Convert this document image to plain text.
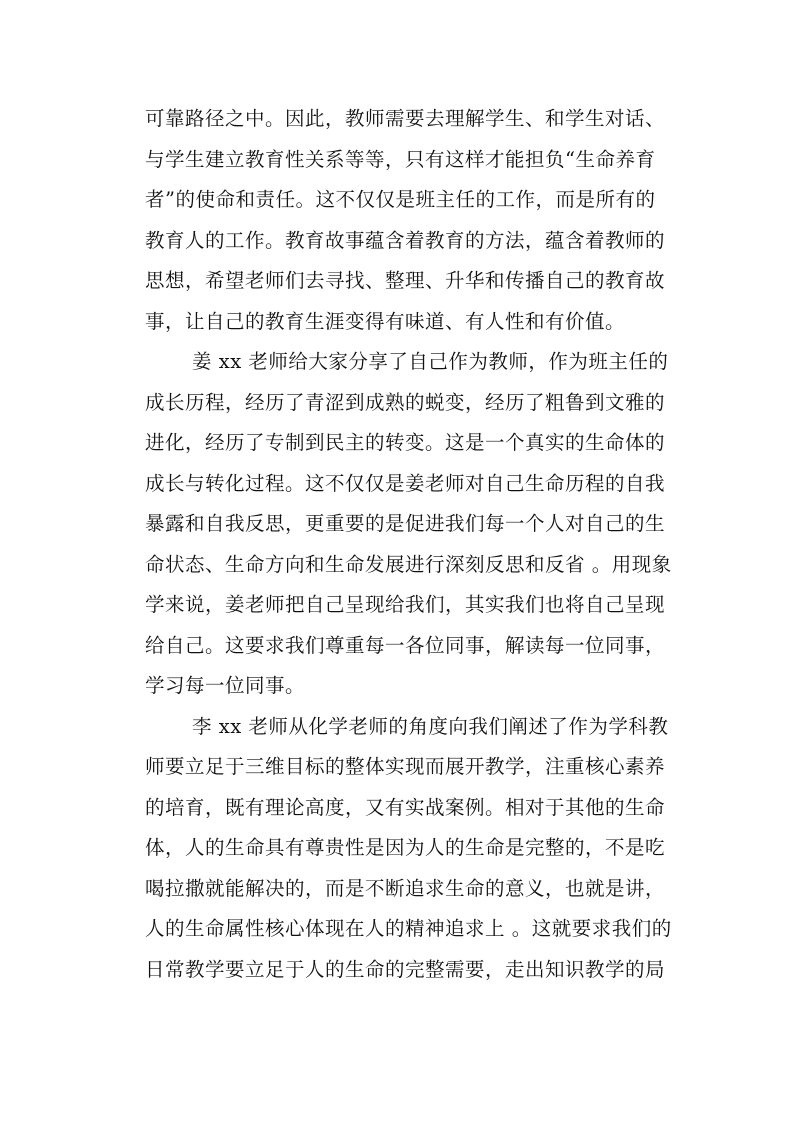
可靠路径之中。因此，教师需要去理解学生、和学生对话、
与学生建立教育性关系等等，只有这样才能担负“生命养育
者”的使命和责任。这不仅仅是班主任的工作，而是所有的
教育人的工作。教育故事蕴含着教育的方法，蕴含着教师的
思想，希望老师们去寻找、整理、升华和传播自己的教育故
事，让自己的教育生涯变得有味道、有人性和有价值。
姜 xx 老师给大家分享了自己作为教师，作为班主任的
成长历程，经历了青涩到成熟的蜕变，经历了粗鲁到文雅的
进化，经历了专制到民主的转变。这是一个真实的生命体的
成长与转化过程。这不仅仅是姜老师对自己生命历程的自我
暴露和自我反思，更重要的是促进我们每一个人对自己的生
命状态、生命方向和生命发展进行深刻反思和反省 。用现象
学来说，姜老师把自己呈现给我们，其实我们也将自己呈现
给自己。这要求我们尊重每一各位同事，解读每一位同事，
学习每一位同事。
李 xx 老师从化学老师的角度向我们阐述了作为学科教
师要立足于三维目标的整体实现而展开教学，注重核心素养
的培育，既有理论高度，又有实战案例。相对于其他的生命
体，人的生命具有尊贵性是因为人的生命是完整的，不是吃
喝拉撒就能解决的，而是不断追求生命的意义，也就是讲，
人的生命属性核心体现在人的精神追求上 。这就要求我们的
日常教学要立足于人的生命的完整需要，走出知识教学的局
